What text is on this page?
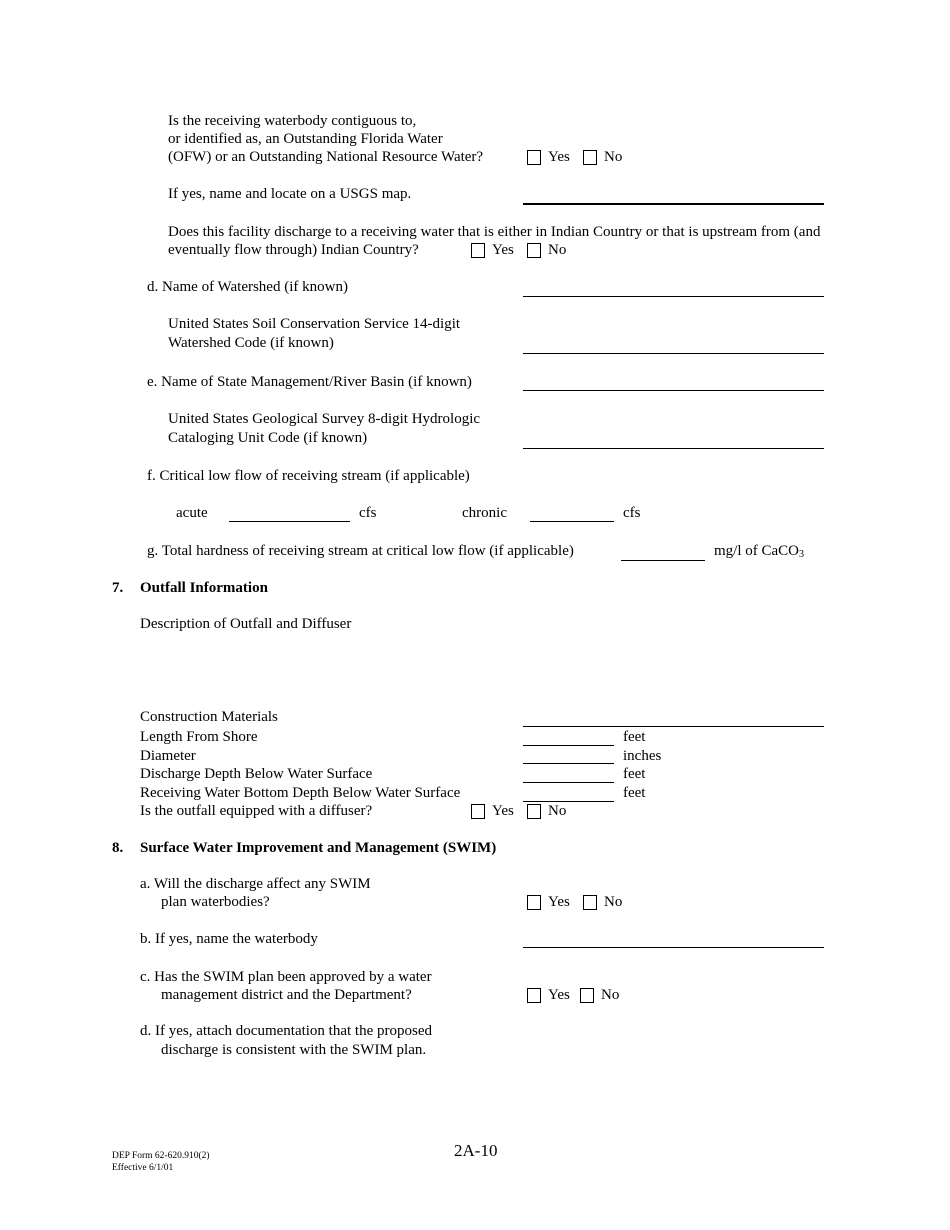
Is the receiving waterbody contiguous to,
or identified as, an Outstanding Florida Water
(OFW) or an Outstanding National Resource Water?	Yes No
If yes, name and locate on a USGS map.
Does this facility discharge to a receiving water that is either in Indian Country or that is upstream from (and
eventually flow through) Indian Country?	Yes No
d. Name of Watershed (if known)
United States Soil Conservation Service 14-digit
Watershed Code (if known)
e. Name of State Management/River Basin (if known)
United States Geological Survey 8-digit Hydrologic
Cataloging Unit Code (if known)
f. Critical low flow of receiving stream (if applicable)
acute	cfs	chronic	cfs
g. Total hardness of receiving stream at critical low flow (if applicable)	mg/l of CaCO$_3$
7. Outfall Information
Description of Outfall and Diffuser
Construction Materials
Length From Shore	feet
Diameter	inches
Discharge Depth Below Water Surface	feet
Receiving Water Bottom Depth Below Water Surface	feet
Is the outfall equipped with a diffuser?	Yes No
8. Surface Water Improvement and Management (SWIM)
a. Will the discharge affect any SWIM
plan waterbodies?	Yes No
b. If yes, name the waterbody
c. Has the SWIM plan been approved by a water
management district and the Department?	Yes No
d. If yes, attach documentation that the proposed
discharge is consistent with the SWIM plan.
DEP Form 62-620.910(2)
Effective 6/1/01
2A-10
